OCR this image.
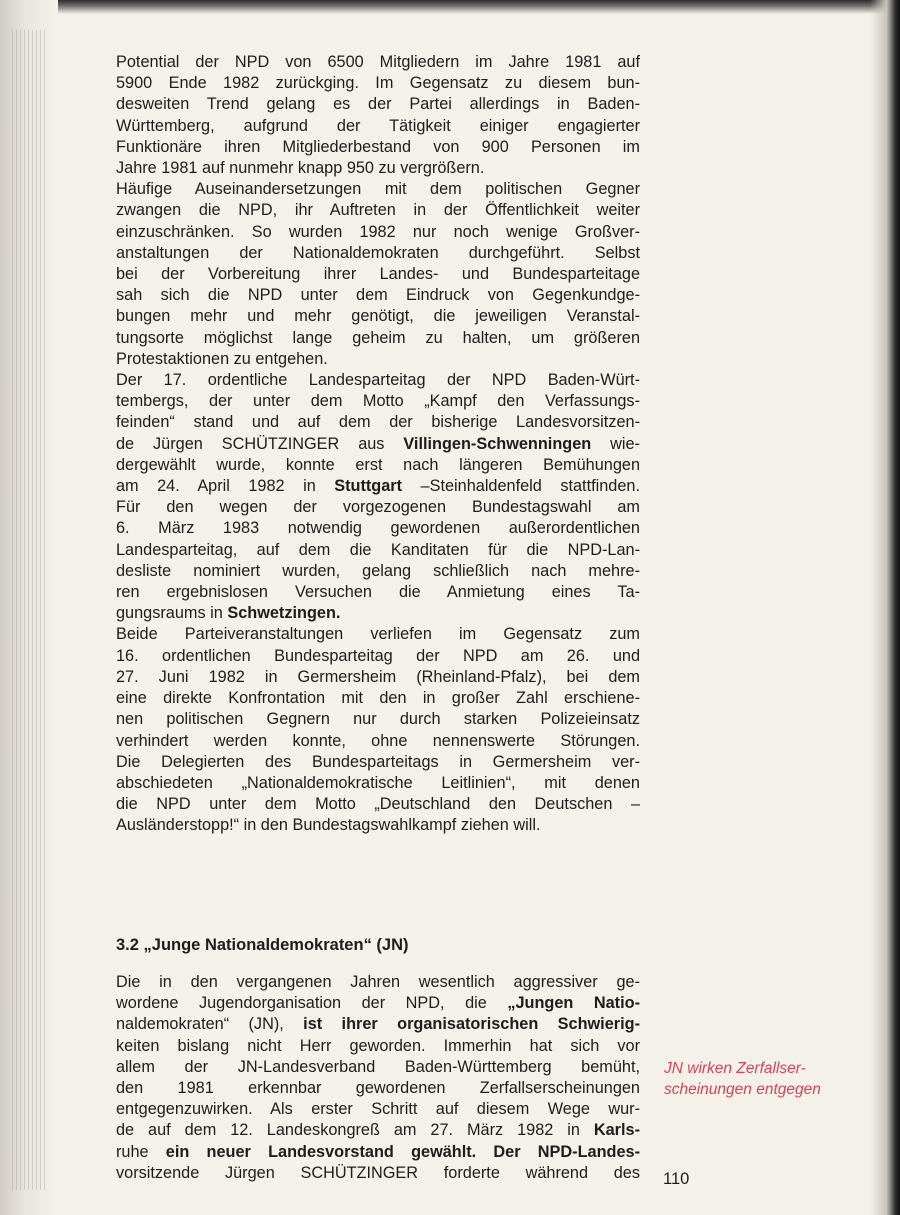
Potential der NPD von 6500 Mitgliedern im Jahre 1981 auf
5900 Ende 1982 zurückging. Im Gegensatz zu diesem bun-
desweiten Trend gelang es der Partei allerdings in Baden-
Württemberg, aufgrund der Tätigkeit einiger engagierter
Funktionäre ihren Mitgliederbestand von 900 Personen im
Jahre 1981 auf nunmehr knapp 950 zu vergrößern.

Häufige Auseinandersetzungen mit dem politischen Gegner
zwangen die NPD, ihr Auftreten in der Öffentlichkeit weiter
einzuschränken. So wurden 1982 nur noch wenige Großver-
anstaltungen der Nationaldemokraten durchgeführt. Selbst
bei der Vorbereitung ihrer Landes- und Bundesparteitage
sah sich die NPD unter dem Eindruck von Gegenkundge-
bungen mehr und mehr genötigt, die jeweiligen Veranstal-
tungsorte möglichst lange geheim zu halten, um größeren
Protestaktionen zu entgehen.

Der 17. ordentliche Landesparteitag der NPD Baden-Würt-
tembergs, der unter dem Motto „Kampf den Verfassungs-
feinden“ stand und auf dem der bisherige Landesvorsitzen-
de Jürgen SCHÜTZINGER aus Villingen-Schwenningen wie-
dergewählt wurde, konnte erst nach längeren Bemühungen
am 24. April 1982 in Stuttgart –Steinhaldenfeld stattfinden.
Für den wegen der vorgezogenen Bundestagswahl am
6. März 1983 notwendig gewordenen außerordentlichen
Landesparteitag, auf dem die Kanditaten für die NPD-Lan-
desliste nominiert wurden, gelang schließlich nach mehre-
ren ergebnislosen Versuchen die Anmietung eines Ta-
gungsraums in Schwetzingen.

Beide Parteiveranstaltungen verliefen im Gegensatz zum
16. ordentlichen Bundesparteitag der NPD am 26. und
27. Juni 1982 in Germersheim (Rheinland-Pfalz), bei dem
eine direkte Konfrontation mit den in großer Zahl erschiene-
nen politischen Gegnern nur durch starken Polizeieinsatz
verhindert werden konnte, ohne nennenswerte Störungen.
Die Delegierten des Bundesparteitags in Germersheim ver-
abschiedeten „Nationaldemokratische Leitlinien“, mit denen
die NPD unter dem Motto „Deutschland den Deutschen –
Ausländerstopp!“ in den Bundestagswahlkampf ziehen will.

3.2 „Junge Nationaldemokraten“ (JN)

Die in den vergangenen Jahren wesentlich aggressiver ge-
wordene Jugendorganisation der NPD, die „Jungen Natio-
naldemokraten“ (JN), ist ihrer organisatorischen Schwierig-
keiten bislang nicht Herr geworden. Immerhin hat sich vor
allem der JN-Landesverband Baden-Württemberg bemüht,
den 1981 erkennbar gewordenen Zerfallserscheinungen
entgegenzuwirken. Als erster Schritt auf diesem Wege wur-
de auf dem 12. Landeskongreß am 27. März 1982 in Karls-
ruhe ein neuer Landesvorstand gewählt. Der NPD-Landes-
vorsitzende Jürgen SCHÜTZINGER forderte während des

JN wirken Zerfallser-
scheinungen entgegen
110
